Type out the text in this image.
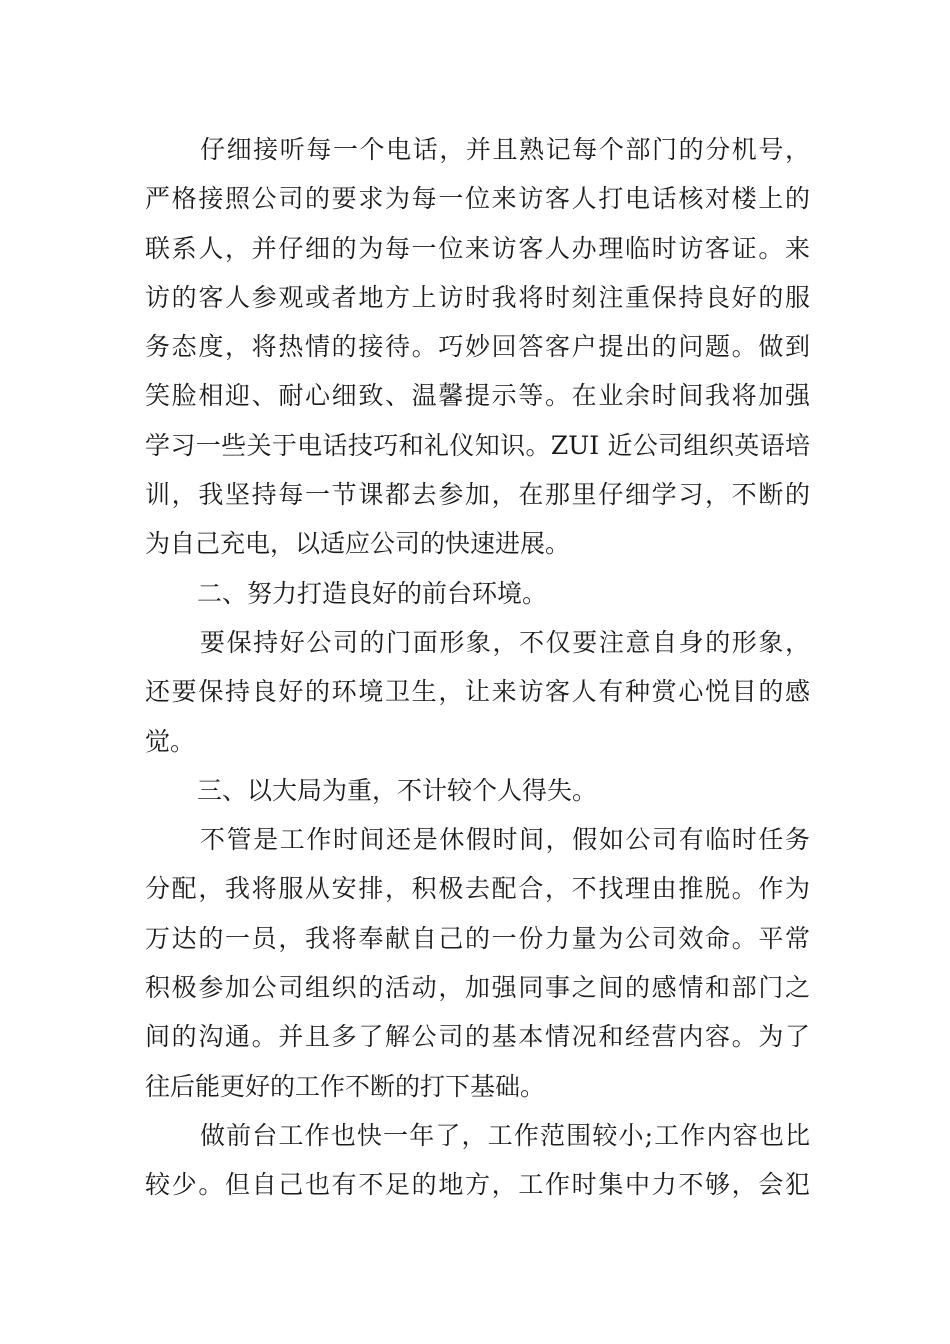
仔细接听每一个电话，并且熟记每个部门的分机号，
严格接照公司的要求为每一位来访客人打电话核对楼上的
联系人，并仔细的为每一位来访客人办理临时访客证。来
访的客人参观或者地方上访时我将时刻注重保持良好的服
务态度，将热情的接待。巧妙回答客户提出的问题。做到
笑脸相迎、耐心细致、温馨提示等。在业余时间我将加强
学习一些关于电话技巧和礼仪知识。ZUI 近公司组织英语培
训，我坚持每一节课都去参加，在那里仔细学习，不断的
为自己充电，以适应公司的快速进展。
二、努力打造良好的前台环境。
要保持好公司的门面形象，不仅要注意自身的形象，
还要保持良好的环境卫生，让来访客人有种赏心悦目的感
觉。
三、以大局为重，不计较个人得失。
不管是工作时间还是休假时间，假如公司有临时任务
分配，我将服从安排，积极去配合，不找理由推脱。作为
万达的一员，我将奉献自己的一份力量为公司效命。平常
积极参加公司组织的活动，加强同事之间的感情和部门之
间的沟通。并且多了解公司的基本情况和经营内容。为了
往后能更好的工作不断的打下基础。
做前台工作也快一年了，工作范围较小;工作内容也比
较少。但自己也有不足的地方，工作时集中力不够，会犯
